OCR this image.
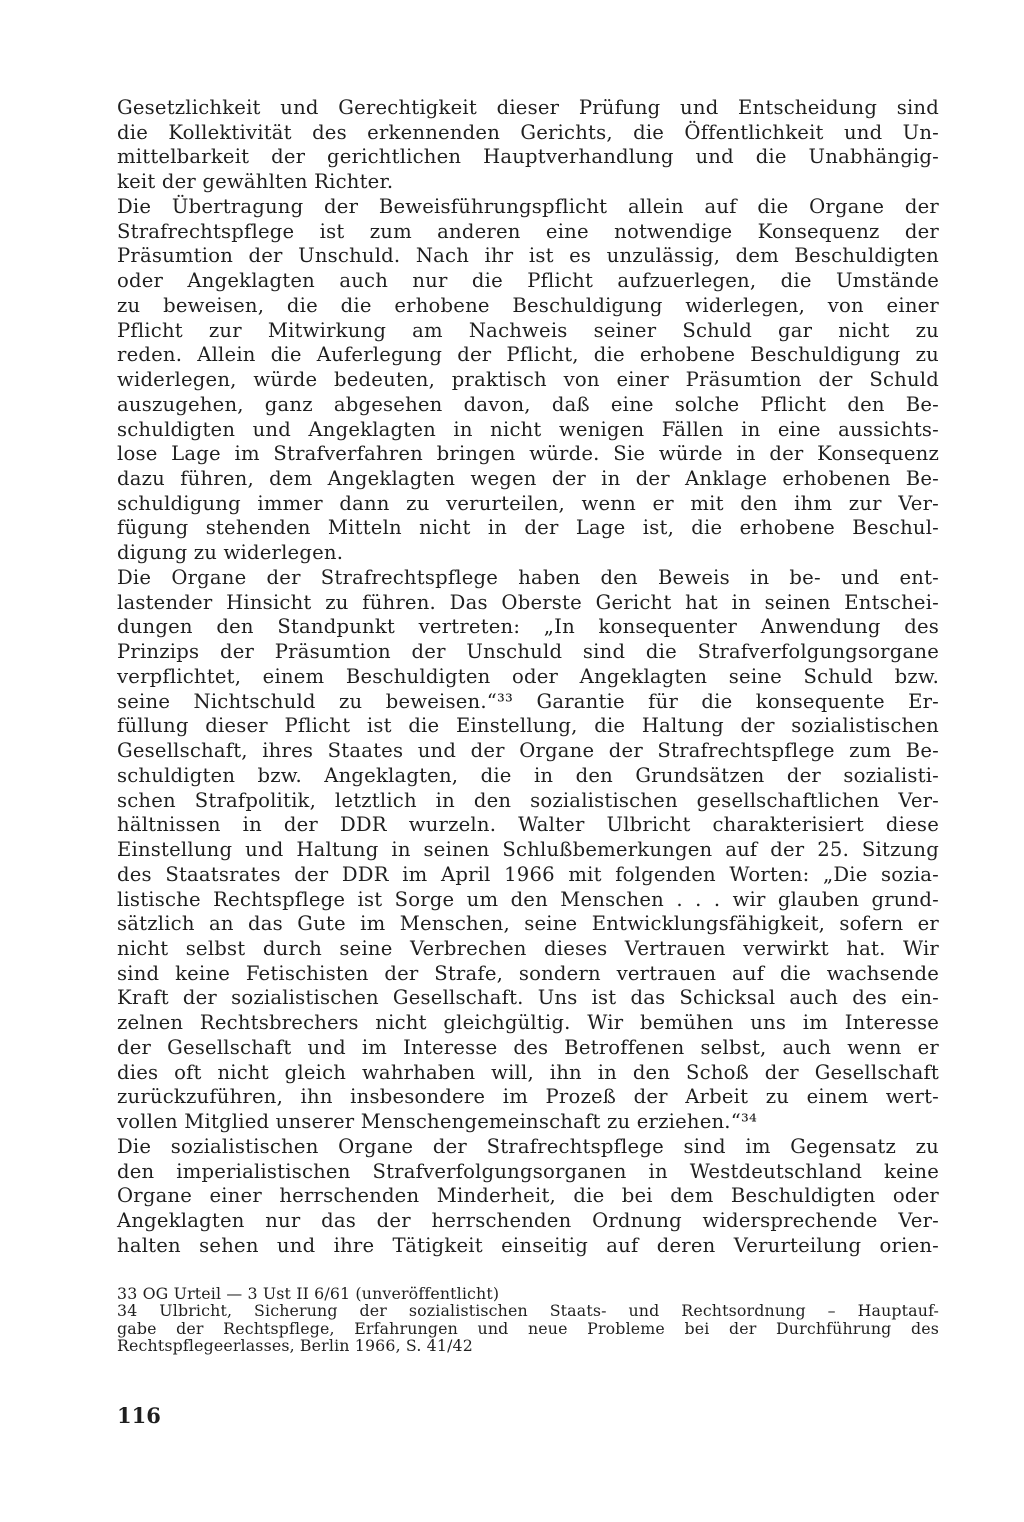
Gesetzlichkeit und Gerechtigkeit dieser Prüfung und Entscheidung sind
die Kollektivität des erkennenden Gerichts, die Öffentlichkeit und Un-
mittelbarkeit der gerichtlichen Hauptverhandlung und die Unabhängig-
keit der gewählten Richter.
Die Übertragung der Beweisführungspflicht allein auf die Organe der
Strafrechtspflege ist zum anderen eine notwendige Konsequenz der
Präsumtion der Unschuld. Nach ihr ist es unzulässig, dem Beschuldigten
oder Angeklagten auch nur die Pflicht aufzuerlegen, die Umstände
zu beweisen, die die erhobene Beschuldigung widerlegen, von einer
Pflicht zur Mitwirkung am Nachweis seiner Schuld gar nicht zu
reden. Allein die Auferlegung der Pflicht, die erhobene Beschuldigung zu
widerlegen, würde bedeuten, praktisch von einer Präsumtion der Schuld
auszugehen, ganz abgesehen davon, daß eine solche Pflicht den Be-
schuldigten und Angeklagten in nicht wenigen Fällen in eine aussichts-
lose Lage im Strafverfahren bringen würde. Sie würde in der Konsequenz
dazu führen, dem Angeklagten wegen der in der Anklage erhobenen Be-
schuldigung immer dann zu verurteilen, wenn er mit den ihm zur Ver-
fügung stehenden Mitteln nicht in der Lage ist, die erhobene Beschul-
digung zu widerlegen.
Die Organe der Strafrechtspflege haben den Beweis in be- und ent-
lastender Hinsicht zu führen. Das Oberste Gericht hat in seinen Entschei-
dungen den Standpunkt vertreten: „In konsequenter Anwendung des
Prinzips der Präsumtion der Unschuld sind die Strafverfolgungsorgane
verpflichtet, einem Beschuldigten oder Angeklagten seine Schuld bzw.
seine Nichtschuld zu beweisen.“³³ Garantie für die konsequente Er-
füllung dieser Pflicht ist die Einstellung, die Haltung der sozialistischen
Gesellschaft, ihres Staates und der Organe der Strafrechtspflege zum Be-
schuldigten bzw. Angeklagten, die in den Grundsätzen der sozialisti-
schen Strafpolitik, letztlich in den sozialistischen gesellschaftlichen Ver-
hältnissen in der DDR wurzeln. Walter Ulbricht charakterisiert diese
Einstellung und Haltung in seinen Schlußbemerkungen auf der 25. Sitzung
des Staatsrates der DDR im April 1966 mit folgenden Worten: „Die sozia-
listische Rechtspflege ist Sorge um den Menschen . . . wir glauben grund-
sätzlich an das Gute im Menschen, seine Entwicklungsfähigkeit, sofern er
nicht selbst durch seine Verbrechen dieses Vertrauen verwirkt hat. Wir
sind keine Fetischisten der Strafe, sondern vertrauen auf die wachsende
Kraft der sozialistischen Gesellschaft. Uns ist das Schicksal auch des ein-
zelnen Rechtsbrechers nicht gleichgültig. Wir bemühen uns im Interesse
der Gesellschaft und im Interesse des Betroffenen selbst, auch wenn er
dies oft nicht gleich wahrhaben will, ihn in den Schoß der Gesellschaft
zurückzuführen, ihn insbesondere im Prozeß der Arbeit zu einem wert-
vollen Mitglied unserer Menschengemeinschaft zu erziehen.“³⁴
Die sozialistischen Organe der Strafrechtspflege sind im Gegensatz zu
den imperialistischen Strafverfolgungsorganen in Westdeutschland keine
Organe einer herrschenden Minderheit, die bei dem Beschuldigten oder
Angeklagten nur das der herrschenden Ordnung widersprechende Ver-
halten sehen und ihre Tätigkeit einseitig auf deren Verurteilung orien-
33 OG Urteil — 3 Ust II 6/61 (unveröffentlicht)
34 Ulbricht, Sicherung der sozialistischen Staats- und Rechtsordnung – Hauptauf-
gabe der Rechtspflege, Erfahrungen und neue Probleme bei der Durchführung des
Rechtspflegeerlasses, Berlin 1966, S. 41/42
116
